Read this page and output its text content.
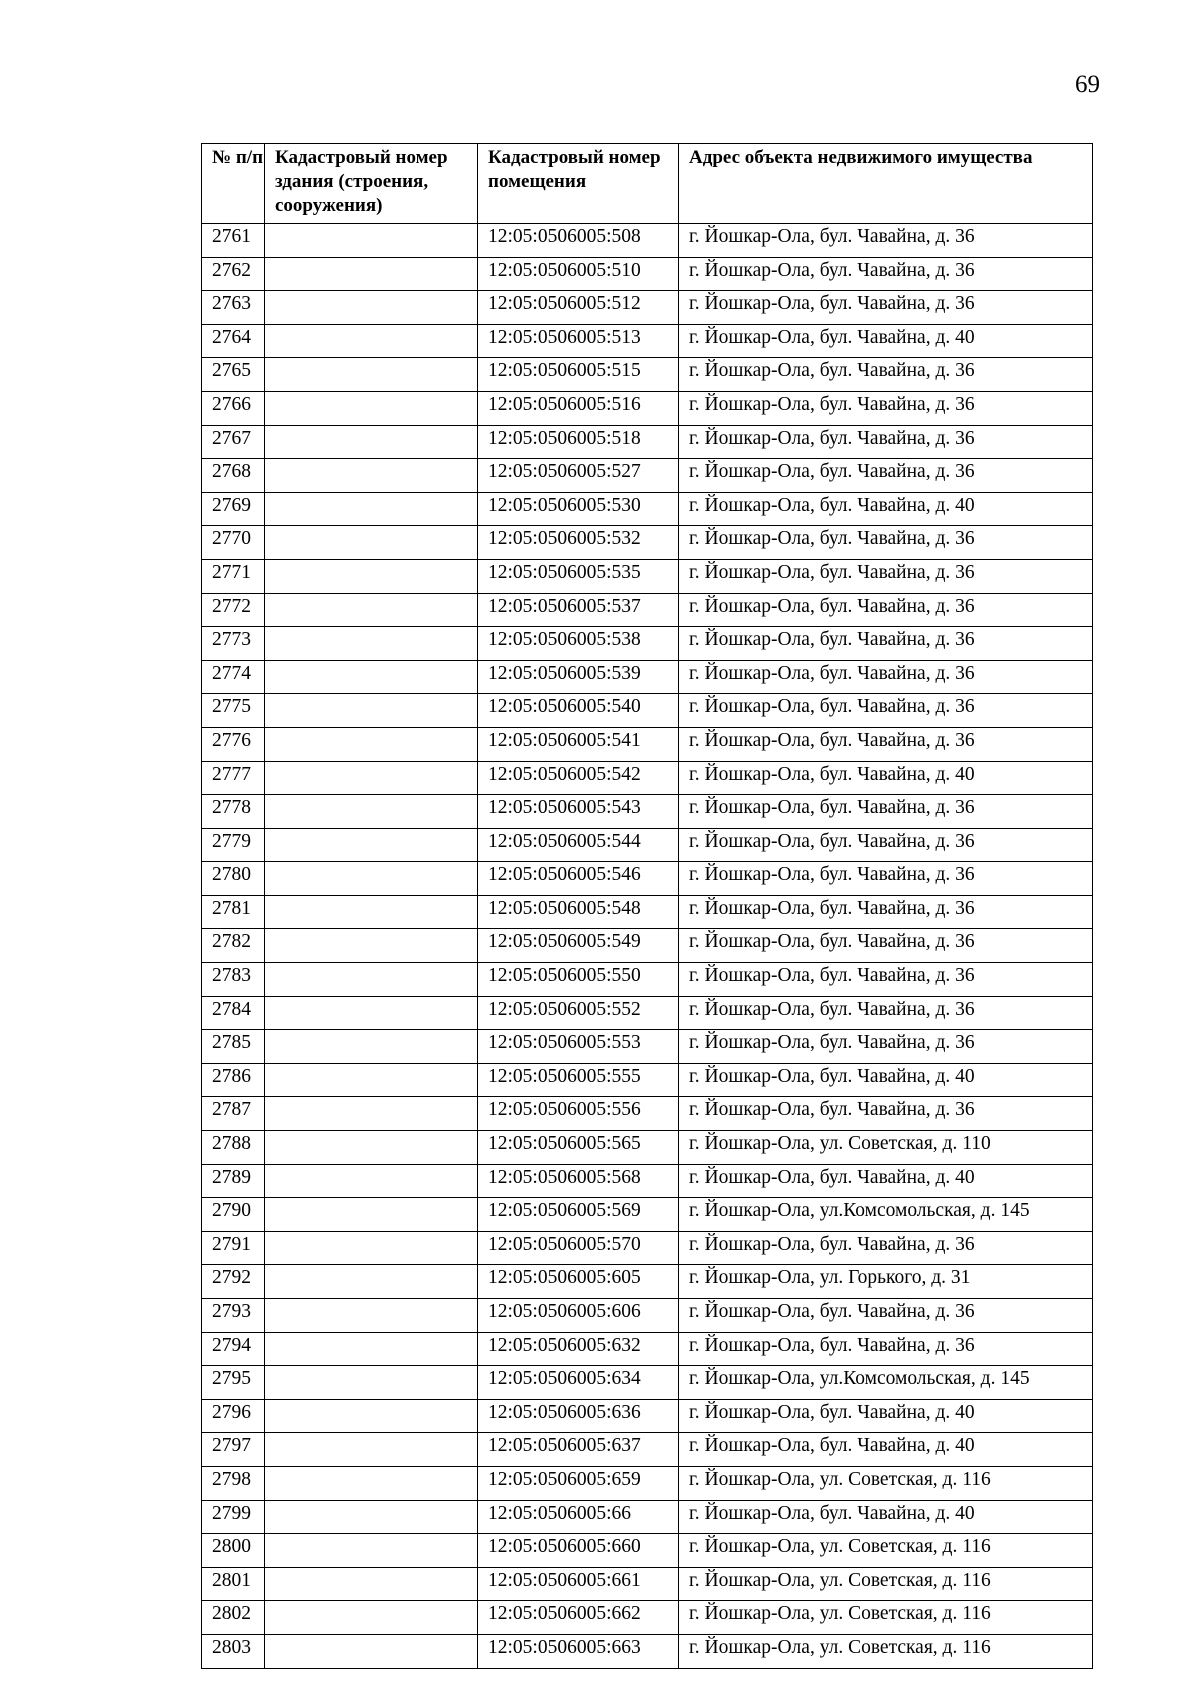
69
№ п/п	Кадастровый номер здания (строения, сооружения)	Кадастровый номер помещения	Адрес объекта недвижимого имущества
2761		12:05:0506005:508	г. Йошкар-Ола, бул. Чавайна, д. 36
2762		12:05:0506005:510	г. Йошкар-Ола, бул. Чавайна, д. 36
2763		12:05:0506005:512	г. Йошкар-Ола, бул. Чавайна, д. 36
2764		12:05:0506005:513	г. Йошкар-Ола, бул. Чавайна, д. 40
2765		12:05:0506005:515	г. Йошкар-Ола, бул. Чавайна, д. 36
2766		12:05:0506005:516	г. Йошкар-Ола, бул. Чавайна, д. 36
2767		12:05:0506005:518	г. Йошкар-Ола, бул. Чавайна, д. 36
2768		12:05:0506005:527	г. Йошкар-Ола, бул. Чавайна, д. 36
2769		12:05:0506005:530	г. Йошкар-Ола, бул. Чавайна, д. 40
2770		12:05:0506005:532	г. Йошкар-Ола, бул. Чавайна, д. 36
2771		12:05:0506005:535	г. Йошкар-Ола, бул. Чавайна, д. 36
2772		12:05:0506005:537	г. Йошкар-Ола, бул. Чавайна, д. 36
2773		12:05:0506005:538	г. Йошкар-Ола, бул. Чавайна, д. 36
2774		12:05:0506005:539	г. Йошкар-Ола, бул. Чавайна, д. 36
2775		12:05:0506005:540	г. Йошкар-Ола, бул. Чавайна, д. 36
2776		12:05:0506005:541	г. Йошкар-Ола, бул. Чавайна, д. 36
2777		12:05:0506005:542	г. Йошкар-Ола, бул. Чавайна, д. 40
2778		12:05:0506005:543	г. Йошкар-Ола, бул. Чавайна, д. 36
2779		12:05:0506005:544	г. Йошкар-Ола, бул. Чавайна, д. 36
2780		12:05:0506005:546	г. Йошкар-Ола, бул. Чавайна, д. 36
2781		12:05:0506005:548	г. Йошкар-Ола, бул. Чавайна, д. 36
2782		12:05:0506005:549	г. Йошкар-Ола, бул. Чавайна, д. 36
2783		12:05:0506005:550	г. Йошкар-Ола, бул. Чавайна, д. 36
2784		12:05:0506005:552	г. Йошкар-Ола, бул. Чавайна, д. 36
2785		12:05:0506005:553	г. Йошкар-Ола, бул. Чавайна, д. 36
2786		12:05:0506005:555	г. Йошкар-Ола, бул. Чавайна, д. 40
2787		12:05:0506005:556	г. Йошкар-Ола, бул. Чавайна, д. 36
2788		12:05:0506005:565	г. Йошкар-Ола, ул. Советская, д. 110
2789		12:05:0506005:568	г. Йошкар-Ола, бул. Чавайна, д. 40
2790		12:05:0506005:569	г. Йошкар-Ола, ул.Комсомольская, д. 145
2791		12:05:0506005:570	г. Йошкар-Ола, бул. Чавайна, д. 36
2792		12:05:0506005:605	г. Йошкар-Ола, ул. Горького, д. 31
2793		12:05:0506005:606	г. Йошкар-Ола, бул. Чавайна, д. 36
2794		12:05:0506005:632	г. Йошкар-Ола, бул. Чавайна, д. 36
2795		12:05:0506005:634	г. Йошкар-Ола, ул.Комсомольская, д. 145
2796		12:05:0506005:636	г. Йошкар-Ола, бул. Чавайна, д. 40
2797		12:05:0506005:637	г. Йошкар-Ола, бул. Чавайна, д. 40
2798		12:05:0506005:659	г. Йошкар-Ола, ул. Советская, д. 116
2799		12:05:0506005:66	г. Йошкар-Ола, бул. Чавайна, д. 40
2800		12:05:0506005:660	г. Йошкар-Ола, ул. Советская, д. 116
2801		12:05:0506005:661	г. Йошкар-Ола, ул. Советская, д. 116
2802		12:05:0506005:662	г. Йошкар-Ола, ул. Советская, д. 116
2803		12:05:0506005:663	г. Йошкар-Ола, ул. Советская, д. 116
